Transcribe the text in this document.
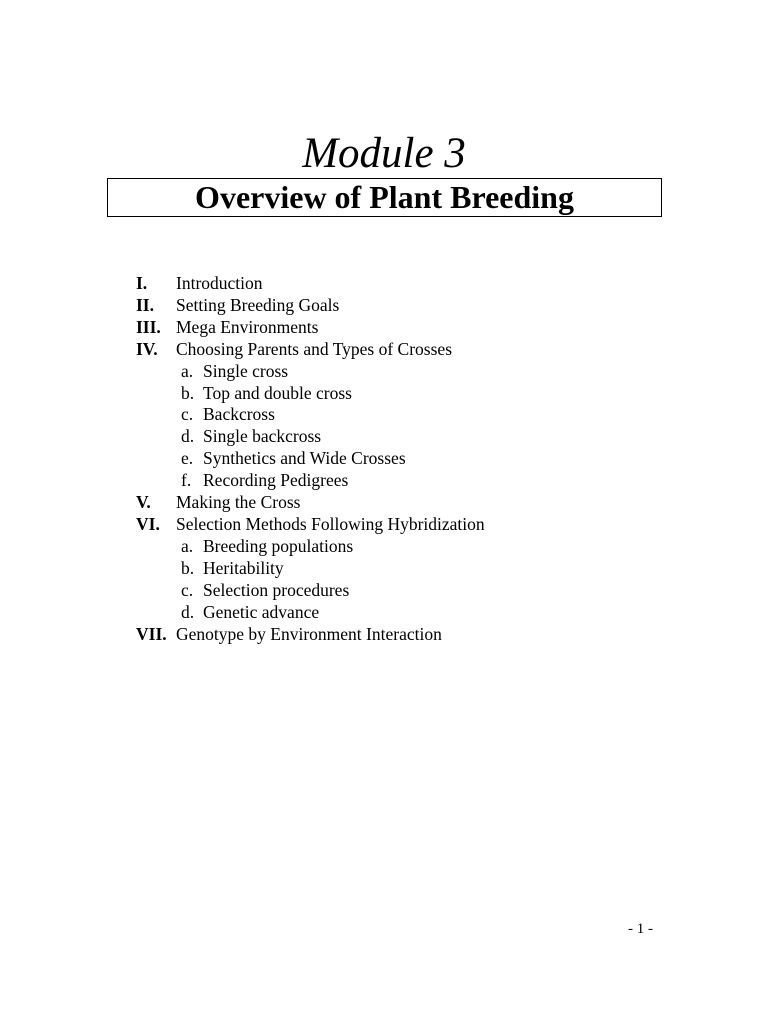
Module 3
Overview of Plant Breeding
I.	Introduction
II.	Setting Breeding Goals
III. Mega Environments
IV.	Choosing Parents and Types of Crosses
a. Single cross
b. Top and double cross
c. Backcross
d. Single backcross
e. Synthetics and Wide Crosses
f. Recording Pedigrees
V.	Making the Cross
VI. Selection Methods Following Hybridization
a. Breeding populations
b. Heritability
c. Selection procedures
d. Genetic advance
VII. Genotype by Environment Interaction
- 1 -
